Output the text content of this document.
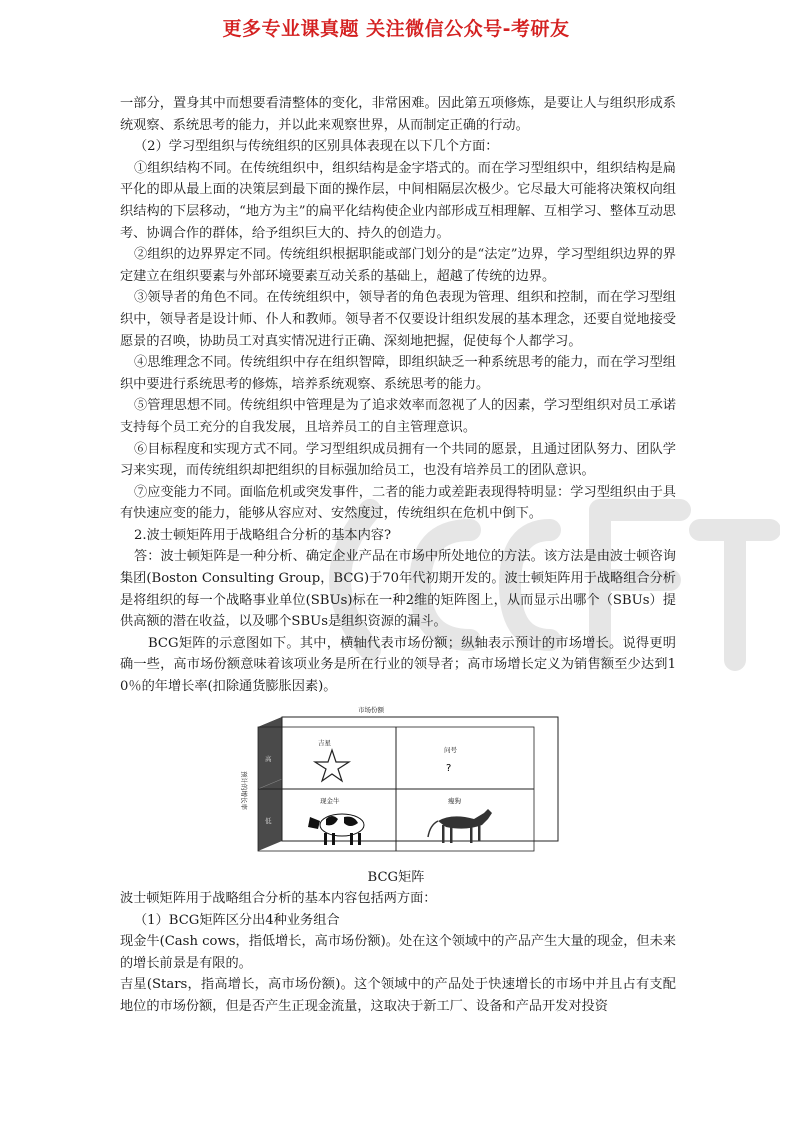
更多专业课真题 关注微信公众号-考研友

一部分，置身其中而想要看清整体的变化，非常困难。因此第五项修炼，是要让人与组织形成系统观察、系统思考的能力，并以此来观察世界，从而制定正确的行动。

（2）学习型组织与传统组织的区别具体表现在以下几个方面：

①组织结构不同。在传统组织中，组织结构是金字塔式的。而在学习型组织中，组织结构是扁平化的即从最上面的决策层到最下面的操作层，中间相隔层次极少。它尽最大可能将决策权向组织结构的下层移动，“地方为主”的扁平化结构使企业内部形成互相理解、互相学习、整体互动思考、协调合作的群体，给予组织巨大的、持久的创造力。

②组织的边界界定不同。传统组织根据职能或部门划分的是“法定”边界，学习型组织边界的界定建立在组织要素与外部环境要素互动关系的基础上，超越了传统的边界。

③领导者的角色不同。在传统组织中，领导者的角色表现为管理、组织和控制，而在学习型组织中，领导者是设计师、仆人和教师。领导者不仅要设计组织发展的基本理念，还要自觉地接受愿景的召唤，协助员工对真实情况进行正确、深刻地把握，促使每个人都学习。

④思维理念不同。传统组织中存在组织智障，即组织缺乏一种系统思考的能力，而在学习型组织中要进行系统思考的修炼，培养系统观察、系统思考的能力。

⑤管理思想不同。传统组织中管理是为了追求效率而忽视了人的因素，学习型组织对员工承诺支持每个员工充分的自我发展，且培养员工的自主管理意识。

⑥目标程度和实现方式不同。学习型组织成员拥有一个共同的愿景，且通过团队努力、团队学习来实现，而传统组织却把组织的目标强加给员工，也没有培养员工的团队意识。

⑦应变能力不同。面临危机或突发事件，二者的能力或差距表现得特明显：学习型组织由于具有快速应变的能力，能够从容应对、安然度过，传统组织在危机中倒下。

2.波士顿矩阵用于战略组合分析的基本内容?

答：波士顿矩阵是一种分析、确定企业产品在市场中所处地位的方法。该方法是由波士顿咨询集团(Boston Consulting Group，BCG)于70年代初期开发的。波士顿矩阵用于战略组合分析是将组织的每一个战略事业单位(SBUs)标在一种2维的矩阵图上，从而显示出哪个（SBUs）提供高额的潜在收益，以及哪个SBUs是组织资源的漏斗。

BCG矩阵的示意图如下。其中，横轴代表市场份额；纵轴表示预计的市场增长。说得更明确一些，高市场份额意味着该项业务是所在行业的领导者；高市场增长定义为销售额至少达到10％的年增长率(扣除通货膨胀因素)。

市场份额
预计的增长率
高
低
吉星
问号
?
现金牛	瘦狗
BCG矩阵

波士顿矩阵用于战略组合分析的基本内容包括两方面：

（1）BCG矩阵区分出4种业务组合

现金牛(Cash cows，指低增长，高市场份额)。处在这个领域中的产品产生大量的现金，但未来的增长前景是有限的。

吉星(Stars，指高增长，高市场份额)。这个领域中的产品处于快速增长的市场中并且占有支配地位的市场份额，但是否产生正现金流量，这取决于新工厂、设备和产品开发对投资
